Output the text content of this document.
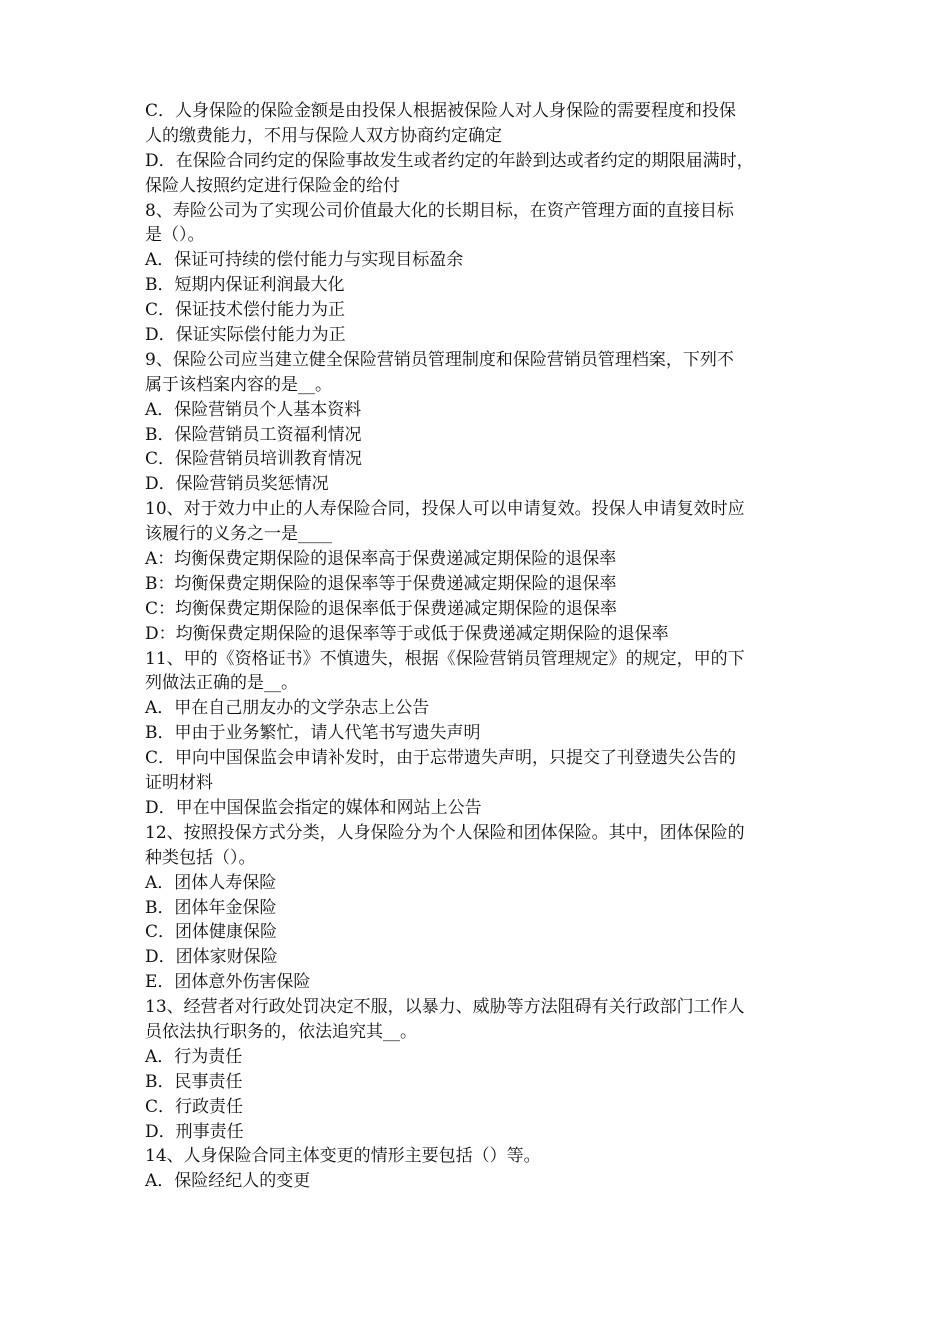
C．人身保险的保险金额是由投保人根据被保险人对人身保险的需要程度和投保
人的缴费能力，不用与保险人双方协商约定确定
D．在保险合同约定的保险事故发生或者约定的年龄到达或者约定的期限届满时，
保险人按照约定进行保险金的给付
8、寿险公司为了实现公司价值最大化的长期目标，在资产管理方面的直接目标
是（）。
A．保证可持续的偿付能力与实现目标盈余
B．短期内保证利润最大化
C．保证技术偿付能力为正
D．保证实际偿付能力为正
9、保险公司应当建立健全保险营销员管理制度和保险营销员管理档案，下列不
属于该档案内容的是__。
A．保险营销员个人基本资料
B．保险营销员工资福利情况
C．保险营销员培训教育情况
D．保险营销员奖惩情况
10、对于效力中止的人寿保险合同，投保人可以申请复效。投保人申请复效时应
该履行的义务之一是____
A：均衡保费定期保险的退保率高于保费递减定期保险的退保率
B：均衡保费定期保险的退保率等于保费递减定期保险的退保率
C：均衡保费定期保险的退保率低于保费递减定期保险的退保率
D：均衡保费定期保险的退保率等于或低于保费递减定期保险的退保率
11、甲的《资格证书》不慎遗失，根据《保险营销员管理规定》的规定，甲的下
列做法正确的是__。
A．甲在自己朋友办的文学杂志上公告
B．甲由于业务繁忙，请人代笔书写遗失声明
C．甲向中国保监会申请补发时，由于忘带遗失声明，只提交了刊登遗失公告的
证明材料
D．甲在中国保监会指定的媒体和网站上公告
12、按照投保方式分类，人身保险分为个人保险和团体保险。其中，团体保险的
种类包括（）。
A．团体人寿保险
B．团体年金保险
C．团体健康保险
D．团体家财保险
E．团体意外伤害保险
13、经营者对行政处罚决定不服，以暴力、威胁等方法阻碍有关行政部门工作人
员依法执行职务的，依法追究其__。
A．行为责任
B．民事责任
C．行政责任
D．刑事责任
14、人身保险合同主体变更的情形主要包括（）等。
A．保险经纪人的变更
